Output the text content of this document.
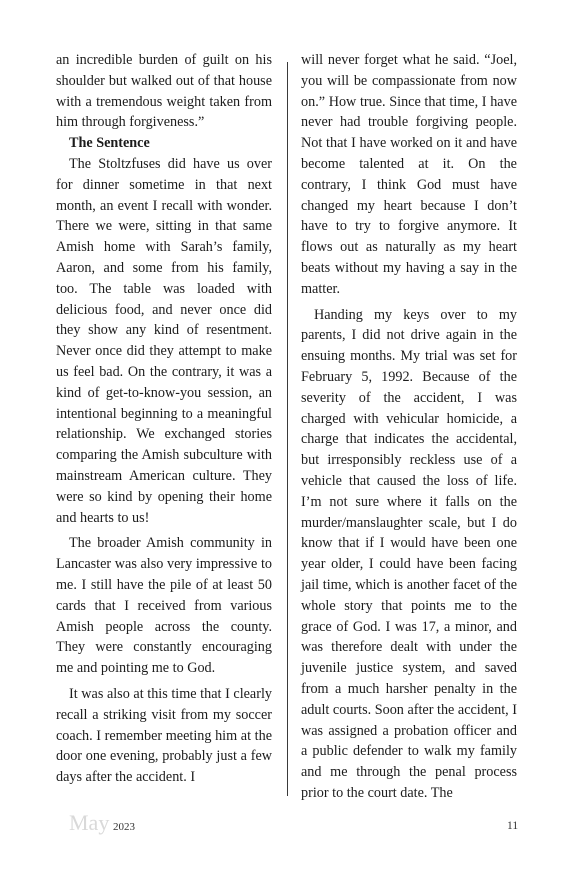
an incredible burden of guilt on his shoulder but walked out of that house with a tremendous weight taken from him through forgiveness.”

The Sentence

The Stoltzfuses did have us over for dinner sometime in that next month, an event I recall with wonder. There we were, sitting in that same Amish home with Sarah’s family, Aaron, and some from his family, too. The table was loaded with delicious food, and never once did they show any kind of resentment. Never once did they attempt to make us feel bad. On the contrary, it was a kind of get-to-know-you session, an intentional beginning to a meaningful relationship. We exchanged stories comparing the Amish subculture with mainstream American culture. They were so kind by opening their home and hearts to us!

The broader Amish community in Lancaster was also very impressive to me. I still have the pile of at least 50 cards that I received from various Amish people across the county. They were constantly encouraging me and pointing me to God.

It was also at this time that I clearly recall a striking visit from my soccer coach. I remember meeting him at the door one evening, probably just a few days after the accident. I

will never forget what he said. “Joel, you will be compassionate from now on.” How true. Since that time, I have never had trouble forgiving people. Not that I have worked on it and have become talented at it. On the contrary, I think God must have changed my heart because I don’t have to try to forgive anymore. It flows out as naturally as my heart beats without my having a say in the matter.

Handing my keys over to my parents, I did not drive again in the ensuing months. My trial was set for February 5, 1992. Because of the severity of the accident, I was charged with vehicular homicide, a charge that indicates the accidental, but irresponsibly reckless use of a vehicle that caused the loss of life. I’m not sure where it falls on the murder/manslaughter scale, but I do know that if I would have been one year older, I could have been facing jail time, which is another facet of the whole story that points me to the grace of God. I was 17, a minor, and was therefore dealt with under the juvenile justice system, and saved from a much harsher penalty in the adult courts. Soon after the accident, I was assigned a probation officer and a public defender to walk my family and me through the penal process prior to the court date. The

May 2023	11
